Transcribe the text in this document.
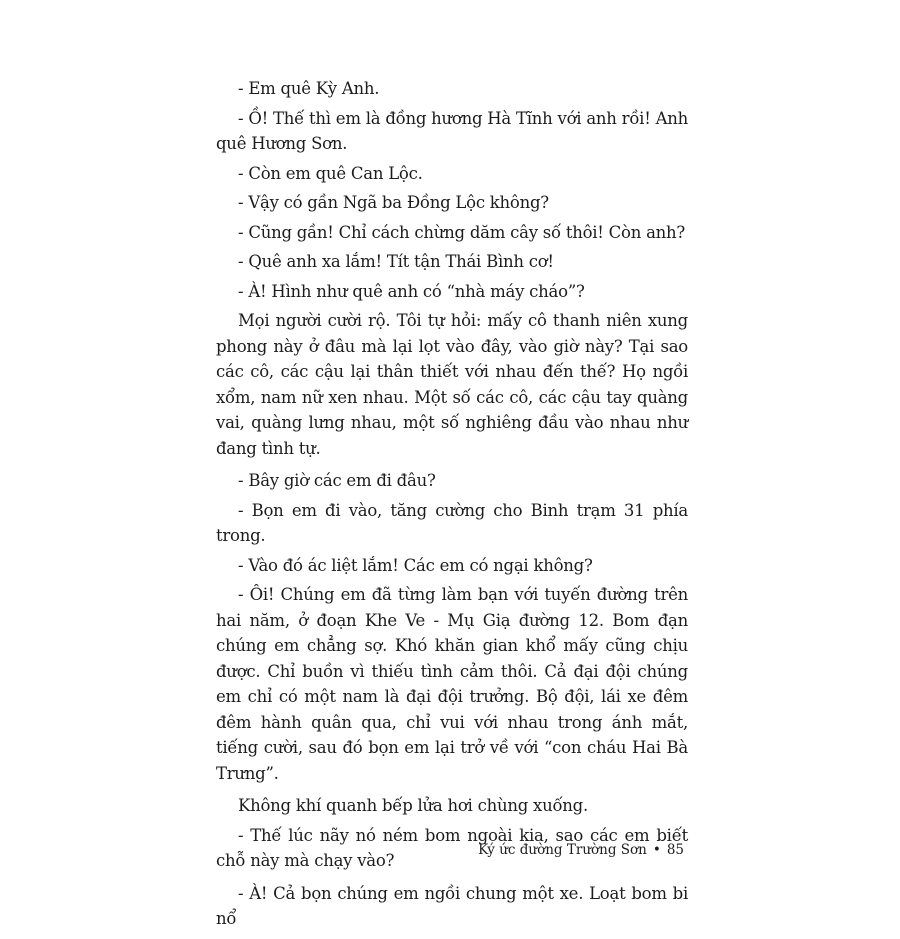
- Em quê Kỳ Anh.

- Ồ! Thế thì em là đồng hương Hà Tĩnh với anh rồi! Anh quê Hương Sơn.

- Còn em quê Can Lộc.

- Vậy có gần Ngã ba Đồng Lộc không?

- Cũng gần! Chỉ cách chừng dăm cây số thôi! Còn anh?

- Quê anh xa lắm! Tít tận Thái Bình cơ!

- À! Hình như quê anh có “nhà máy cháo”?

Mọi người cười rộ. Tôi tự hỏi: mấy cô thanh niên xung phong này ở đâu mà lại lọt vào đây, vào giờ này? Tại sao các cô, các cậu lại thân thiết với nhau đến thế? Họ ngồi xổm, nam nữ xen nhau. Một số các cô, các cậu tay quàng vai, quàng lưng nhau, một số nghiêng đầu vào nhau như đang tình tự.

- Bây giờ các em đi đâu?

- Bọn em đi vào, tăng cường cho Binh trạm 31 phía trong.

- Vào đó ác liệt lắm! Các em có ngại không?

- Ôi! Chúng em đã từng làm bạn với tuyến đường trên hai năm, ở đoạn Khe Ve - Mụ Giạ đường 12. Bom đạn chúng em chẳng sợ. Khó khăn gian khổ mấy cũng chịu được. Chỉ buồn vì thiếu tình cảm thôi. Cả đại đội chúng em chỉ có một nam là đại đội trưởng. Bộ đội, lái xe đêm đêm hành quân qua, chỉ vui với nhau trong ánh mắt, tiếng cười, sau đó bọn em lại trở về với “con cháu Hai Bà Trưng”.

Không khí quanh bếp lửa hơi chùng xuống.

- Thế lúc nãy nó ném bom ngoài kia, sao các em biết chỗ này mà chạy vào?

- À! Cả bọn chúng em ngồi chung một xe. Loạt bom bi nổ

Ký ức đường Trường Sơn • 85
